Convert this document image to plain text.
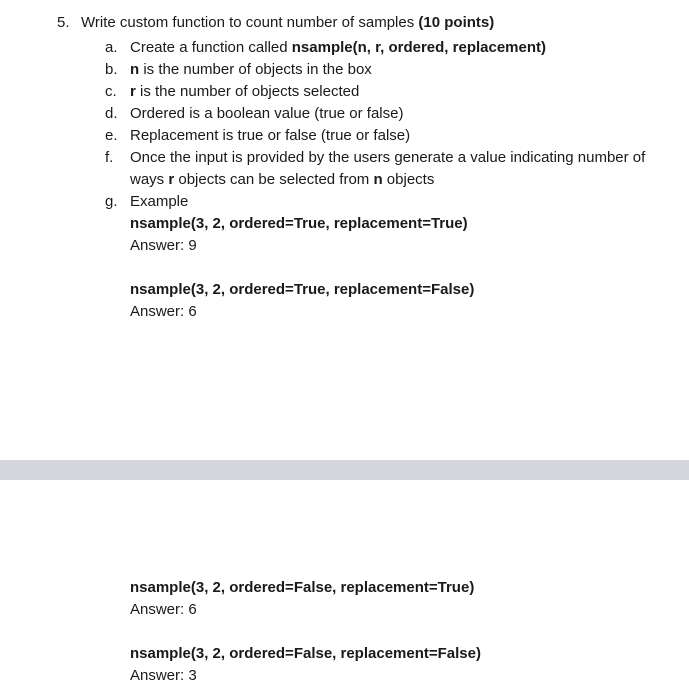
5. Write custom function to count number of samples (10 points)
a. Create a function called nsample(n, r, ordered, replacement)
b. n is the number of objects in the box
c. r is the number of objects selected
d. Ordered is a boolean value (true or false)
e. Replacement is true or false (true or false)
f. Once the input is provided by the users generate a value indicating number of
ways r objects can be selected from n objects
g. Example
nsample(3, 2, ordered=True, replacement=True)
Answer: 9
nsample(3, 2, ordered=True, replacement=False)
Answer: 6
nsample(3, 2, ordered=False, replacement=True)
Answer: 6
nsample(3, 2, ordered=False, replacement=False)
Answer: 3
